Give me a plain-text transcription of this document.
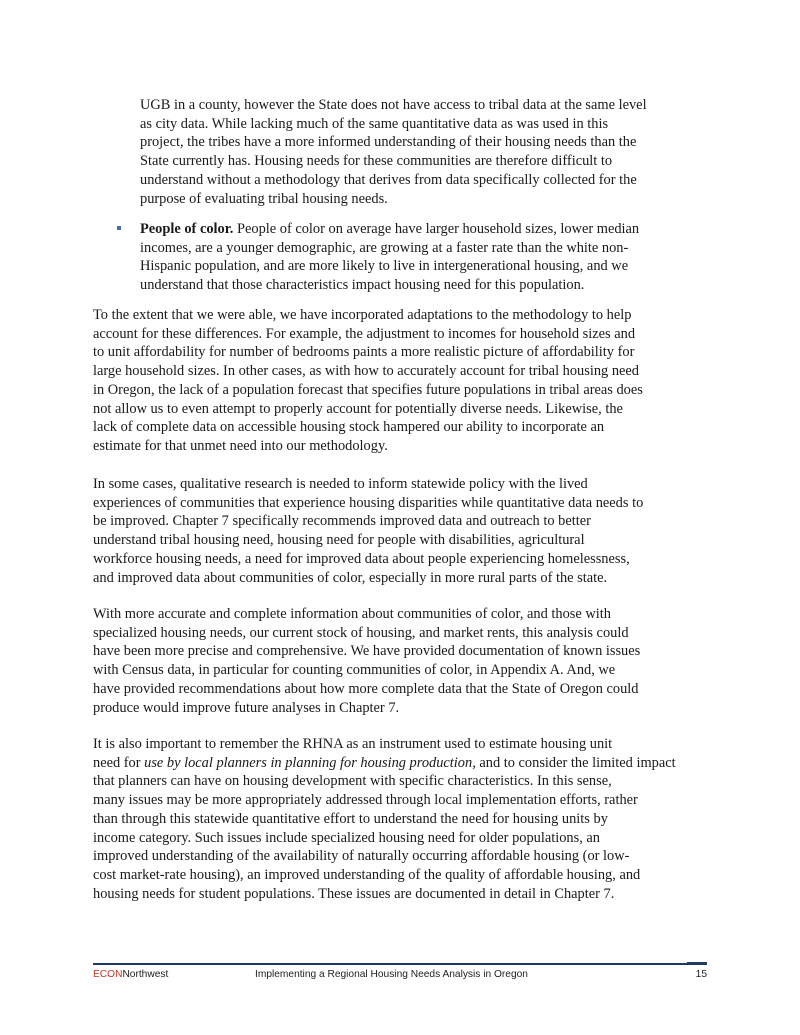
UGB in a county, however the State does not have access to tribal data at the same level
as city data. While lacking much of the same quantitative data as was used in this
project, the tribes have a more informed understanding of their housing needs than the
State currently has. Housing needs for these communities are therefore difficult to
understand without a methodology that derives from data specifically collected for the
purpose of evaluating tribal housing needs.
People of color. People of color on average have larger household sizes, lower median
incomes, are a younger demographic, are growing at a faster rate than the white non-
Hispanic population, and are more likely to live in intergenerational housing, and we
understand that those characteristics impact housing need for this population.
To the extent that we were able, we have incorporated adaptations to the methodology to help
account for these differences. For example, the adjustment to incomes for household sizes and
to unit affordability for number of bedrooms paints a more realistic picture of affordability for
large household sizes. In other cases, as with how to accurately account for tribal housing need
in Oregon, the lack of a population forecast that specifies future populations in tribal areas does
not allow us to even attempt to properly account for potentially diverse needs. Likewise, the
lack of complete data on accessible housing stock hampered our ability to incorporate an
estimate for that unmet need into our methodology.
In some cases, qualitative research is needed to inform statewide policy with the lived
experiences of communities that experience housing disparities while quantitative data needs to
be improved. Chapter 7 specifically recommends improved data and outreach to better
understand tribal housing need, housing need for people with disabilities, agricultural
workforce housing needs, a need for improved data about people experiencing homelessness,
and improved data about communities of color, especially in more rural parts of the state.
With more accurate and complete information about communities of color, and those with
specialized housing needs, our current stock of housing, and market rents, this analysis could
have been more precise and comprehensive. We have provided documentation of known issues
with Census data, in particular for counting communities of color, in Appendix A. And, we
have provided recommendations about how more complete data that the State of Oregon could
produce would improve future analyses in Chapter 7.
It is also important to remember the RHNA as an instrument used to estimate housing unit
need for use by local planners in planning for housing production, and to consider the limited impact
that planners can have on housing development with specific characteristics. In this sense,
many issues may be more appropriately addressed through local implementation efforts, rather
than through this statewide quantitative effort to understand the need for housing units by
income category. Such issues include specialized housing need for older populations, an
improved understanding of the availability of naturally occurring affordable housing (or low-
cost market-rate housing), an improved understanding of the quality of affordable housing, and
housing needs for student populations. These issues are documented in detail in Chapter 7.
ECONNorthwest	Implementing a Regional Housing Needs Analysis in Oregon	15
